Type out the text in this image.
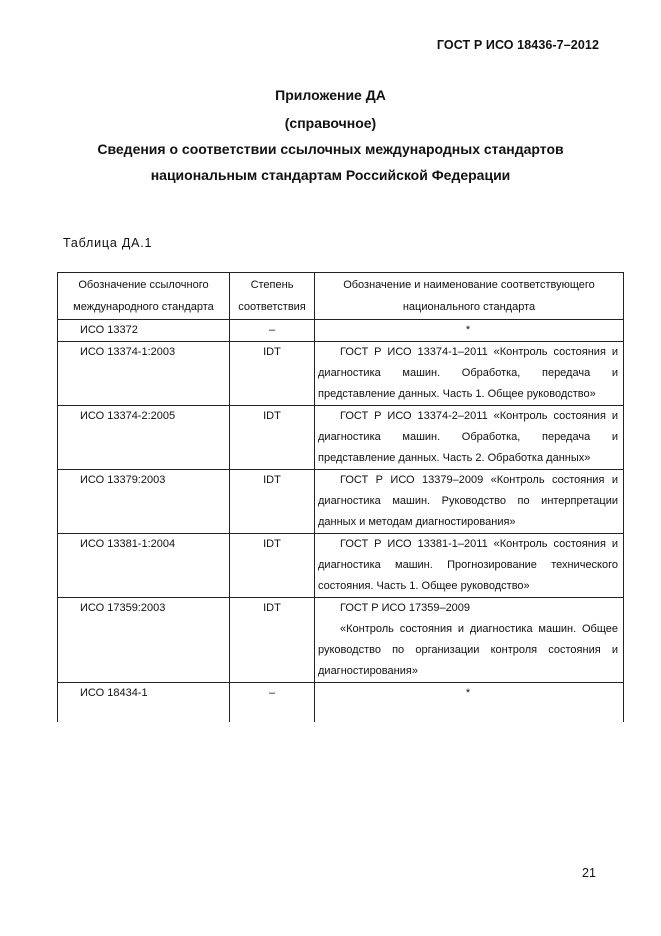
ГОСТ Р ИСО 18436-7–2012
Приложение ДА
(справочное)
Сведения о соответствии ссылочных международных стандартов
национальным стандартам Российской Федерации
Таблица ДА.1
Обозначение ссылочного международного стандарта	Степень соответствия	Обозначение и наименование соответствующего национального стандарта
ИСО 13372	–	*

ИСО 13374-1:2003	IDT	ГОСТ Р ИСО 13374-1–2011 «Контроль состояния и диагностика машин. Обработка, передача и представление данных. Часть 1. Общее руководство»

ИСО 13374-2:2005	IDT	ГОСТ Р ИСО 13374-2–2011 «Контроль состояния и диагностика машин. Обработка, передача и представление данных. Часть 2. Обработка данных»

ИСО 13379:2003	IDT	ГОСТ Р ИСО 13379–2009 «Контроль состояния и диагностика машин. Руководство по интерпретации данных и методам диагностирования»

ИСО 13381-1:2004	IDT	ГОСТ Р ИСО 13381-1–2011 «Контроль состояния и диагностика машин. Прогнозирование технического состояния. Часть 1. Общее руководство»

ИСО 17359:2003	IDT	ГОСТ Р ИСО 17359–2009
«Контроль состояния и диагностика машин. Общее руководство по организации контроля состояния и диагностирования»

ИСО 18434-1	–	*
21
